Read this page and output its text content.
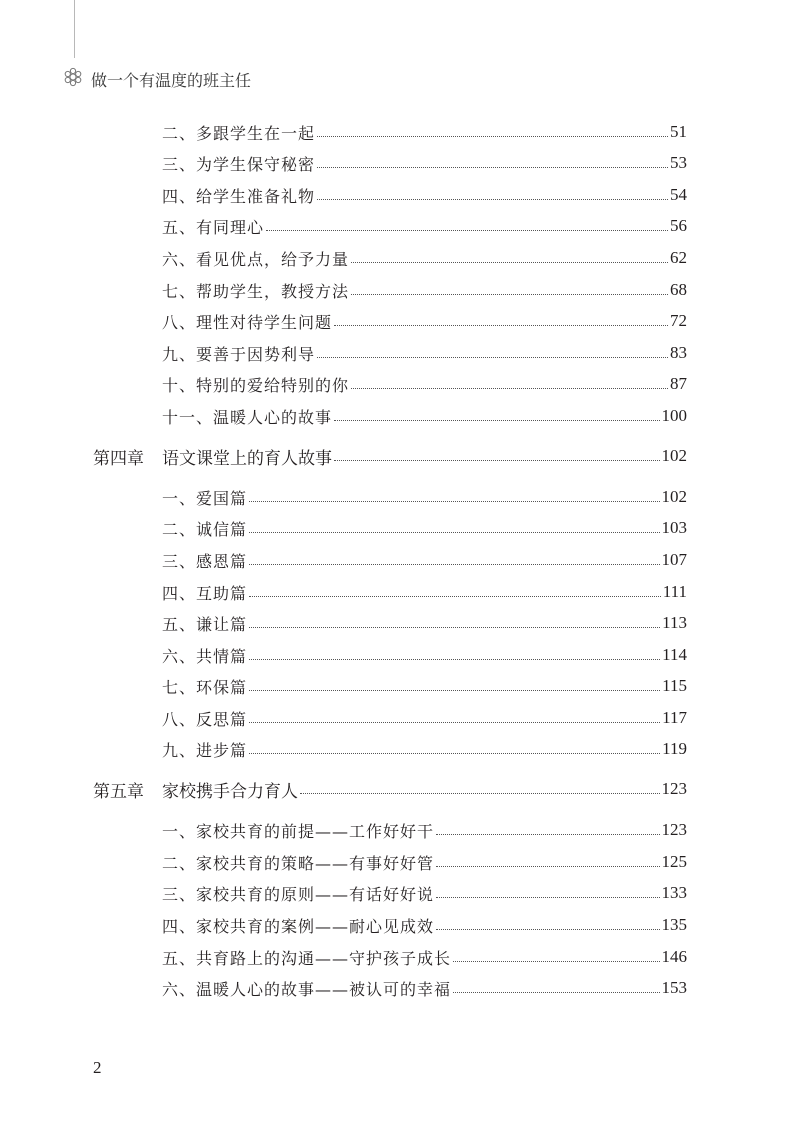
做一个有温度的班主任
二、多跟学生在一起	51
三、为学生保守秘密	53
四、给学生准备礼物	54
五、有同理心	56
六、看见优点，给予力量	62
七、帮助学生，教授方法	68
八、理性对待学生问题	72
九、要善于因势利导	83
十、特别的爱给特别的你	87
十一、温暖人心的故事	100
第四章 语文课堂上的育人故事	102
一、爱国篇	102
二、诚信篇	103
三、感恩篇	107
四、互助篇	111
五、谦让篇	113
六、共情篇	114
七、环保篇	115
八、反思篇	117
九、进步篇	119
第五章 家校携手合力育人	123
一、家校共育的前提——工作好好干	123
二、家校共育的策略——有事好好管	125
三、家校共育的原则——有话好好说	133
四、家校共育的案例——耐心见成效	135
五、共育路上的沟通——守护孩子成长	146
六、温暖人心的故事——被认可的幸福	153
2
